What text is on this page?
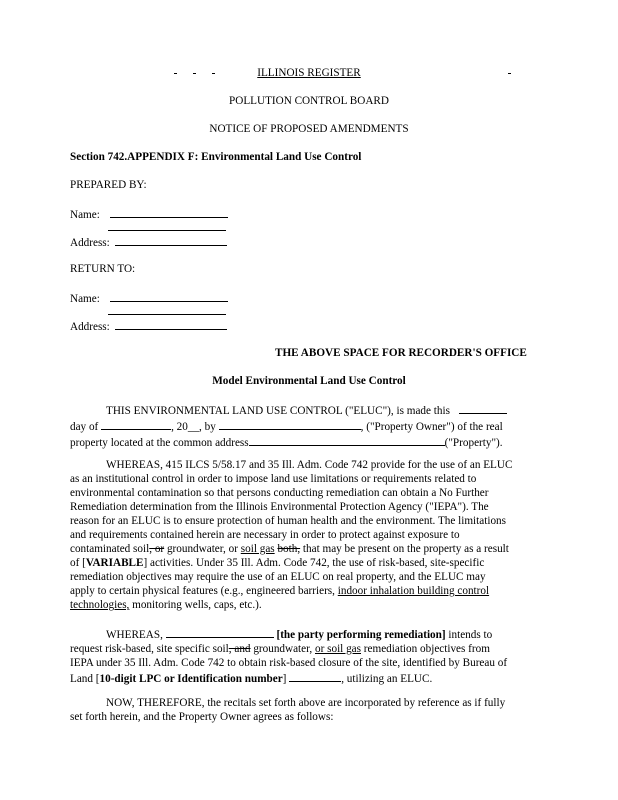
ILLINOIS REGISTER
POLLUTION CONTROL BOARD
NOTICE OF PROPOSED AMENDMENTS
Section 742.APPENDIX F: Environmental Land Use Control
PREPARED BY:
Name:
Address:
RETURN TO:
Name:
Address:
THE ABOVE SPACE FOR RECORDER'S OFFICE
Model Environmental Land Use Control
THIS ENVIRONMENTAL LAND USE CONTROL ("ELUC"), is made this
day of	, 20__, by	, ("Property Owner") of the real
property located at the common address	("Property").
WHEREAS, 415 ILCS 5/58.17 and 35 Ill. Adm. Code 742 provide for the use of an ELUC
as an institutional control in order to impose land use limitations or requirements related to
environmental contamination so that persons conducting remediation can obtain a No Further
Remediation determination from the Illinois Environmental Protection Agency ("IEPA"). The
reason for an ELUC is to ensure protection of human health and the environment. The limitations
and requirements contained herein are necessary in order to protect against exposure to
contaminated soil, or groundwater, or soil gas both, that may be present on the property as a result
of [VARIABLE] activities. Under 35 Ill. Adm. Code 742, the use of risk-based, site-specific
remediation objectives may require the use of an ELUC on real property, and the ELUC may
apply to certain physical features (e.g., engineered barriers, indoor inhalation building control
technologies, monitoring wells, caps, etc.).
WHEREAS,	[the party performing remediation] intends to
request risk-based, site specific soil, and groundwater, or soil gas remediation objectives from
IEPA under 35 Ill. Adm. Code 742 to obtain risk-based closure of the site, identified by Bureau of
Land [10-digit LPC or Identification number]	, utilizing an ELUC.
NOW, THEREFORE, the recitals set forth above are incorporated by reference as if fully
set forth herein, and the Property Owner agrees as follows:
